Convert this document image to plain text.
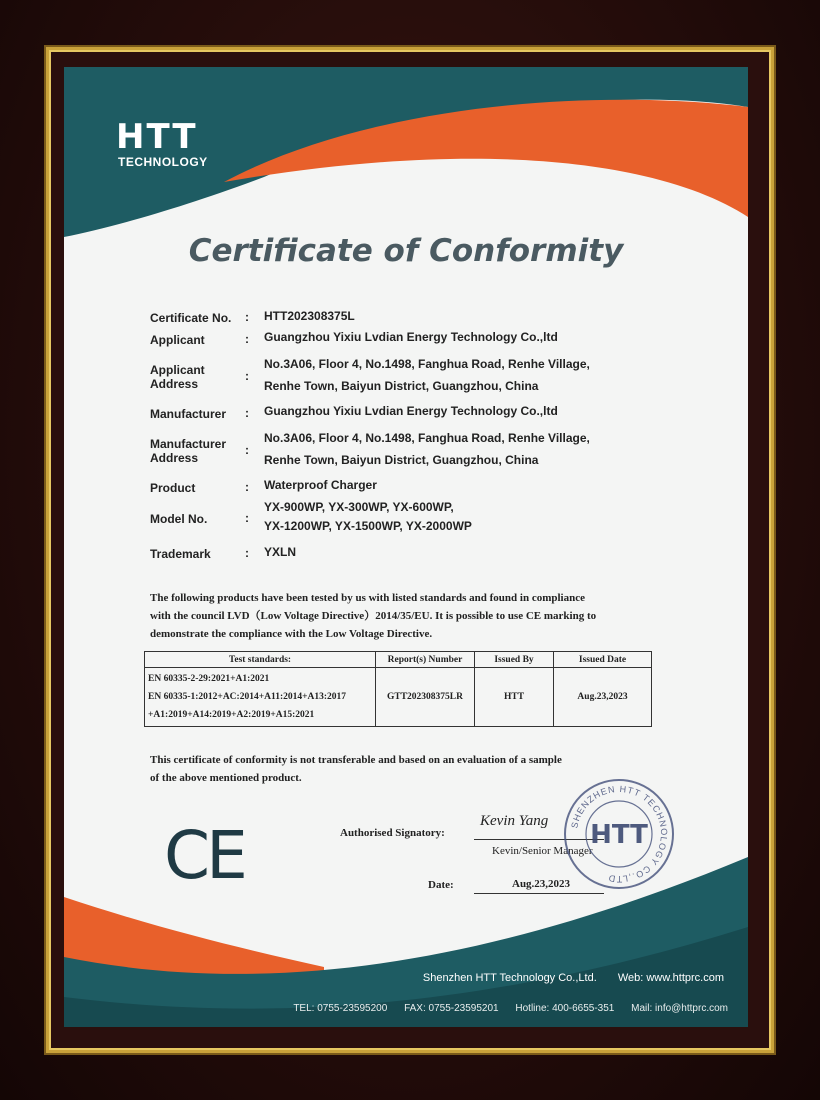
HTT
TECHNOLOGY
Certificate of Conformity
Certificate No. : HTT202308375L
Applicant	: Guangzhou Yixiu Lvdian Energy Technology Co.,ltd
Applicant
Address
:
No.3A06, Floor 4, No.1498, Fanghua Road, Renhe Village,
Renhe Town, Baiyun District, Guangzhou, China
Manufacturer : Guangzhou Yixiu Lvdian Energy Technology Co.,ltd
Manufacturer
Address
:
No.3A06, Floor 4, No.1498, Fanghua Road, Renhe Village,
Renhe Town, Baiyun District, Guangzhou, China
Product	: Waterproof Charger
Model No.	:
YX-900WP, YX-300WP, YX-600WP,
YX-1200WP, YX-1500WP, YX-2000WP
Trademark	: YXLN
The following products have been tested by us with listed standards and found in compliance
with the council LVD（Low Voltage Directive）2014/35/EU. It is possible to use CE marking to
demonstrate the compliance with the Low Voltage Directive.
Test standards:	Report(s) Number	Issued By	Issued Date

EN 60335-2-29:2021+A1:2021
EN 60335-1:2012+AC:2014+A11:2014+A13:2017
+A1:2019+A14:2019+A2:2019+A15:2021	GTT202308375LR	HTT	Aug.23,2023
This certificate of conformity is not transferable and based on an evaluation of a sample
of the above mentioned product.
CE	Authorised Signatory:
Kevin Yang
Kevin/Senior Manager
Date:	Aug.23,2023
SHENZHEN HTT TECHNOLOGY CO.,LTD
HTT
Shenzhen HTT Technology Co.,Ltd. Web: www.httprc.com
TEL: 0755-23595200 FAX: 0755-23595201 Hotline: 400-6655-351 Mail: info@httprc.com
